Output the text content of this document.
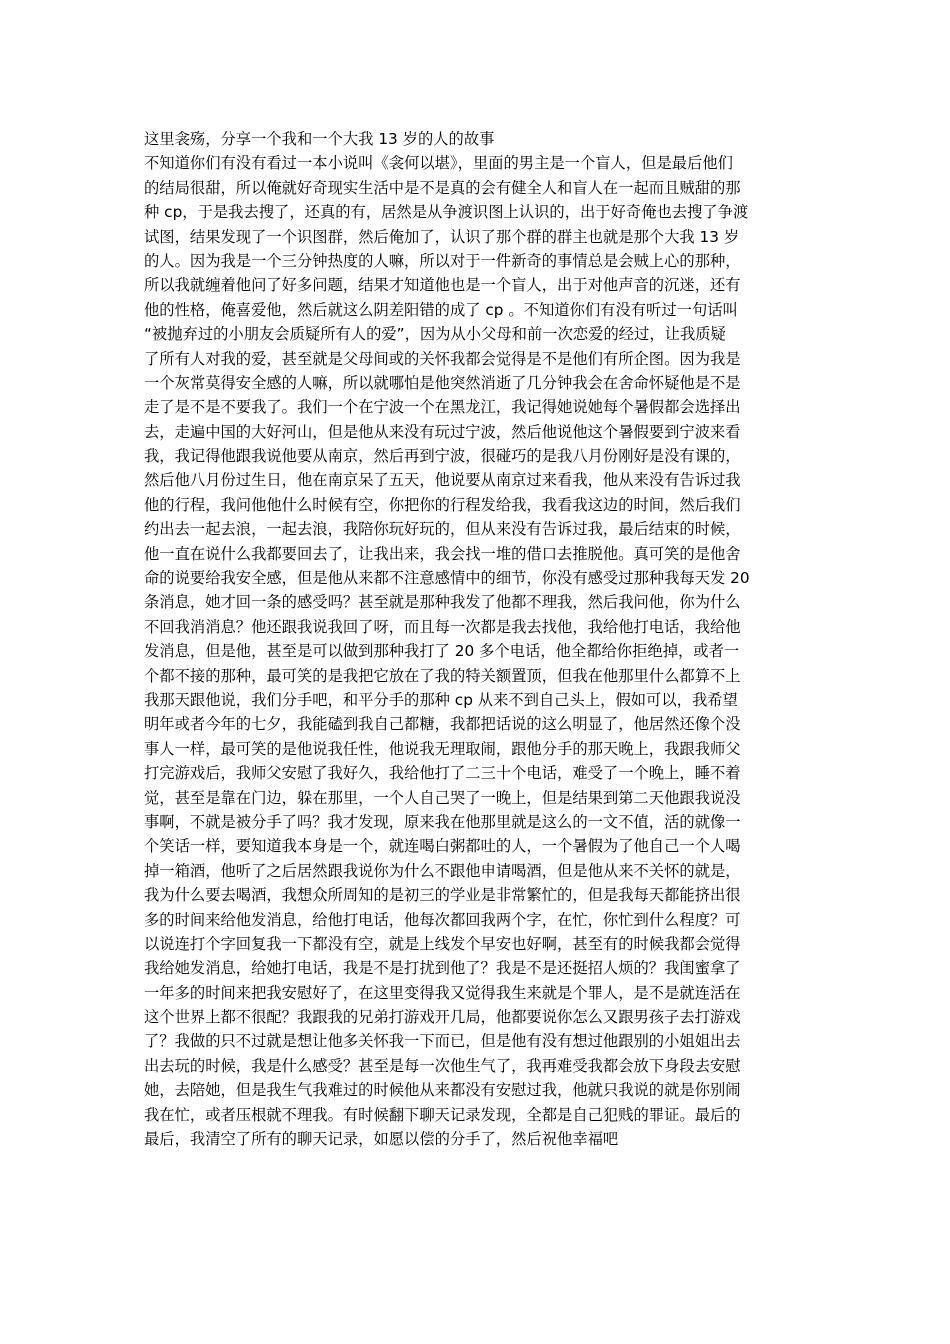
这里衾殇，分享一个我和一个大我 13 岁的人的故事
不知道你们有没有看过一本小说叫《衾何以堪》，里面的男主是一个盲人，但是最后他们
的结局很甜，所以俺就好奇现实生活中是不是真的会有健全人和盲人在一起而且贼甜的那
种 cp，于是我去搜了，还真的有，居然是从争渡识图上认识的，出于好奇俺也去搜了争渡
试图，结果发现了一个识图群，然后俺加了，认识了那个群的群主也就是那个大我 13 岁
的人。因为我是一个三分钟热度的人嘛，所以对于一件新奇的事情总是会贼上心的那种，
所以我就缠着他问了好多问题，结果才知道他也是一个盲人，出于对他声音的沉迷，还有
他的性格，俺喜爱他，然后就这么阴差阳错的成了 cp 。不知道你们有没有听过一句话叫
“被抛弃过的小朋友会质疑所有人的爱”，因为从小父母和前一次恋爱的经过，让我质疑
了所有人对我的爱，甚至就是父母间或的关怀我都会觉得是不是他们有所企图。因为我是
一个灰常莫得安全感的人嘛，所以就哪怕是他突然消逝了几分钟我会在舍命怀疑他是不是
走了是不是不要我了。我们一个在宁波一个在黑龙江，我记得她说她每个暑假都会选择出
去，走遍中国的大好河山，但是他从来没有玩过宁波，然后他说他这个暑假要到宁波来看
我，我记得他跟我说他要从南京，然后再到宁波，很碰巧的是我八月份刚好是没有课的，
然后他八月份过生日，他在南京呆了五天，他说要从南京过来看我，他从来没有告诉过我
他的行程，我问他他什么时候有空，你把你的行程发给我，我看我这边的时间，然后我们
约出去一起去浪，一起去浪，我陪你玩好玩的，但从来没有告诉过我，最后结束的时候，
他一直在说什么我都要回去了，让我出来，我会找一堆的借口去推脱他。真可笑的是他舍
命的说要给我安全感，但是他从来都不注意感情中的细节，你没有感受过那种我每天发 20
条消息，她才回一条的感受吗？甚至就是那种我发了他都不理我，然后我问他，你为什么
不回我消消息？他还跟我说我回了呀，而且每一次都是我去找他，我给他打电话，我给他
发消息，但是他，甚至是可以做到那种我打了 20 多个电话，他全都给你拒绝掉，或者一
个都不接的那种，最可笑的是我把它放在了我的特关额置顶，但我在他那里什么都算不上
我那天跟他说，我们分手吧，和平分手的那种 cp 从来不到自己头上，假如可以，我希望
明年或者今年的七夕，我能磕到我自己都糖，我都把话说的这么明显了，他居然还像个没
事人一样，最可笑的是他说我任性，他说我无理取闹，跟他分手的那天晚上，我跟我师父
打完游戏后，我师父安慰了我好久，我给他打了二三十个电话，难受了一个晚上，睡不着
觉，甚至是靠在门边，躲在那里，一个人自己哭了一晚上，但是结果到第二天他跟我说没
事啊，不就是被分手了吗？我才发现，原来我在他那里就是这么的一文不值，活的就像一
个笑话一样，要知道我本身是一个，就连喝白粥都吐的人，一个暑假为了他自己一个人喝
掉一箱酒，他听了之后居然跟我说你为什么不跟他申请喝酒，但是他从来不关怀的就是，
我为什么要去喝酒，我想众所周知的是初三的学业是非常繁忙的，但是我每天都能挤出很
多的时间来给他发消息，给他打电话，他每次都回我两个字，在忙，你忙到什么程度？可
以说连打个字回复我一下都没有空，就是上线发个早安也好啊，甚至有的时候我都会觉得
我给她发消息，给她打电话，我是不是打扰到他了？我是不是还挺招人烦的？我闺蜜拿了
一年多的时间来把我安慰好了，在这里变得我又觉得我生来就是个罪人，是不是就连活在
这个世界上都不很配？我跟我的兄弟打游戏开几局，他都要说你怎么又跟男孩子去打游戏
了？我做的只不过就是想让他多关怀我一下而已，但是他有没有想过他跟别的小姐姐出去
出去玩的时候，我是什么感受？甚至是每一次他生气了，我再难受我都会放下身段去安慰
她，去陪她，但是我生气我难过的时候他从来都没有安慰过我，他就只我说的就是你别闹
我在忙，或者压根就不理我。有时候翻下聊天记录发现，全都是自己犯贱的罪证。最后的
最后，我清空了所有的聊天记录，如愿以偿的分手了，然后祝他幸福吧
